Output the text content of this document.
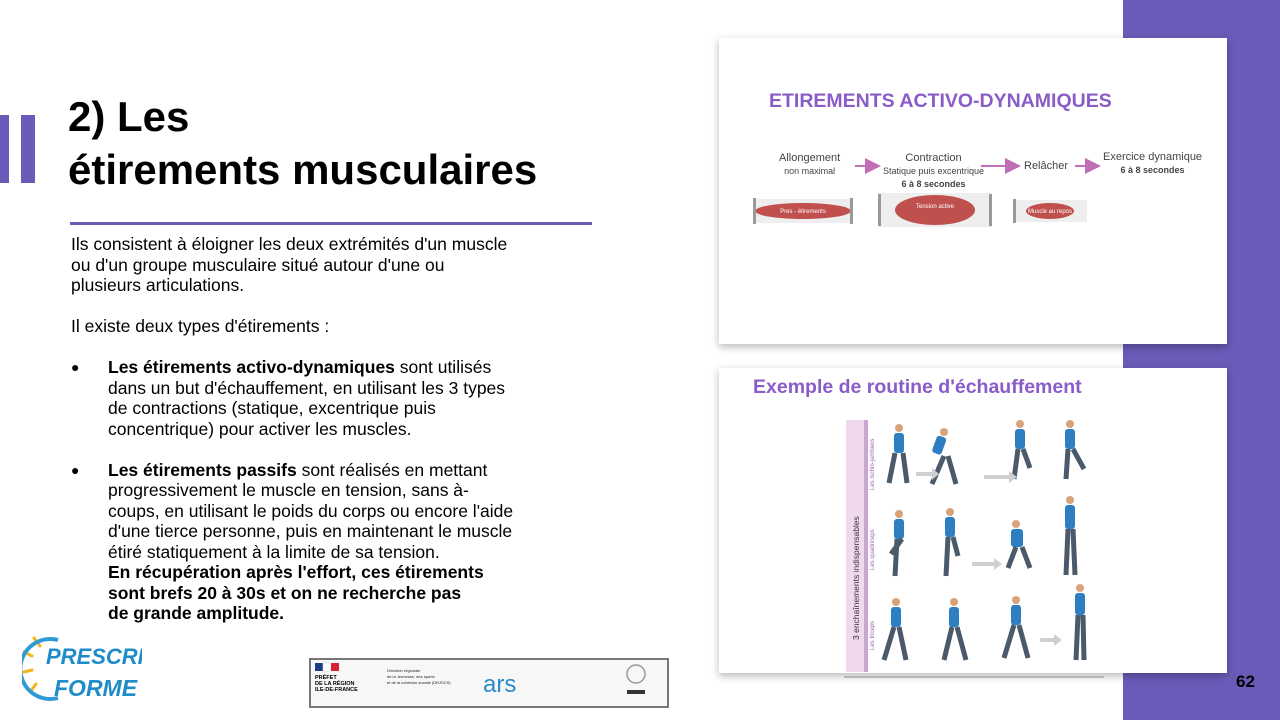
2) Les
étirements musculaires

Ils consistent à éloigner les deux extrémités d'un muscle

ou d'un groupe musculaire situé autour d'une ou

plusieurs articulations.

Il existe deux types d'étirements :

● Les étirements activo-dynamiques sont utilisés

dans un but d'échauffement, en utilisant les 3 types

de contractions (statique, excentrique puis

concentrique) pour activer les muscles.

● Les étirements passifs sont réalisés en mettant

progressivement le muscle en tension, sans à-

coups, en utilisant le poids du corps ou encore l'aide

d'une tierce personne, puis en maintenant le muscle

étiré statiquement à la limite de sa tension.

En récupération après l'effort, ces étirements

sont brefs 20 à 30s et on ne recherche pas

de grande amplitude.

ETIREMENTS ACTIVO-DYNAMIQUES
Allongement
non maximal
Contraction
Statique puis excentrique
6 à 8 secondes
Relâcher
Exercice dynamique
6 à 8 secondes
Pres - étirements
Tension active
Muscle au repos
Exemple de routine d'échauffement
3 enchaînements indispensables
Les ischio-jambiers
Les quadriceps
Les triceps
PRESCRI'
FORME	PRÉFET
DE LA RÉGION
ILE-DE-FRANCE
Direction régionale
de la Jeunesse, des sports
et de la cohésion sociale (DRJSCS) ars	62
